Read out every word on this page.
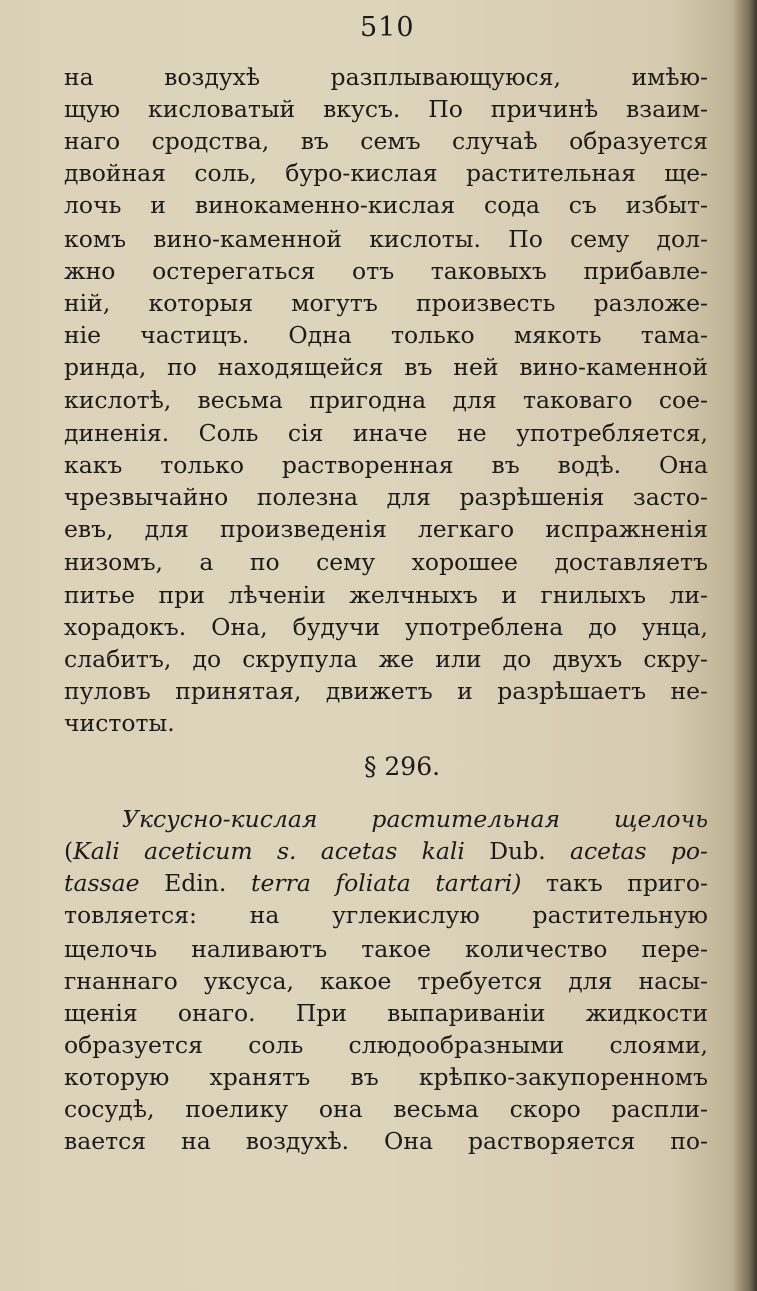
510
на воздухѣ разплывающуюся, имѣю-
щую кисловатый вкусъ. По причинѣ взаим-
наго сродства, въ семъ случаѣ образуется
двойная соль, буро-кислая растительная ще-
лочь и винокаменно-кислая сода съ избыт-
комъ вино-каменной кислоты. По сему дол-
жно остерегаться отъ таковыхъ прибавле-
ній, которыя могутъ произвесть разложе-
ніе частицъ. Одна только мякоть тама-
ринда, по находящейся въ ней вино-каменной
кислотѣ, весьма пригодна для таковаго сое-
диненія. Соль сія иначе не употребляется,
какъ только растворенная въ водѣ. Она
чрезвычайно полезна для разрѣшенія засто-
евъ, для произведенія легкаго испражненія
низомъ, а по сему хорошее доставляетъ
питье при лѣченіи желчныхъ и гнилыхъ ли-
хорадокъ. Она, будучи употреблена до унца,
слабитъ, до скрупула же или до двухъ скру-
пуловъ принятая, движетъ и разрѣшаетъ не-
чистоты.
§ 296.
Уксусно-кислая растительная щелочь
(Kali aceticum s. acetas kali Dub. acetas po-
tassae Edin. terra foliata tartari) такъ приго-
товляется: на углекислую растительную
щелочь наливаютъ такое количество пере-
гнаннаго уксуса, какое требуется для насы-
щенія онаго. При выпариваніи жидкости
образуется соль слюдообразными слоями,
которую хранятъ въ крѣпко-закупоренномъ
сосудѣ, поелику она весьма скоро распли-
вается на воздухѣ. Она растворяется по-
